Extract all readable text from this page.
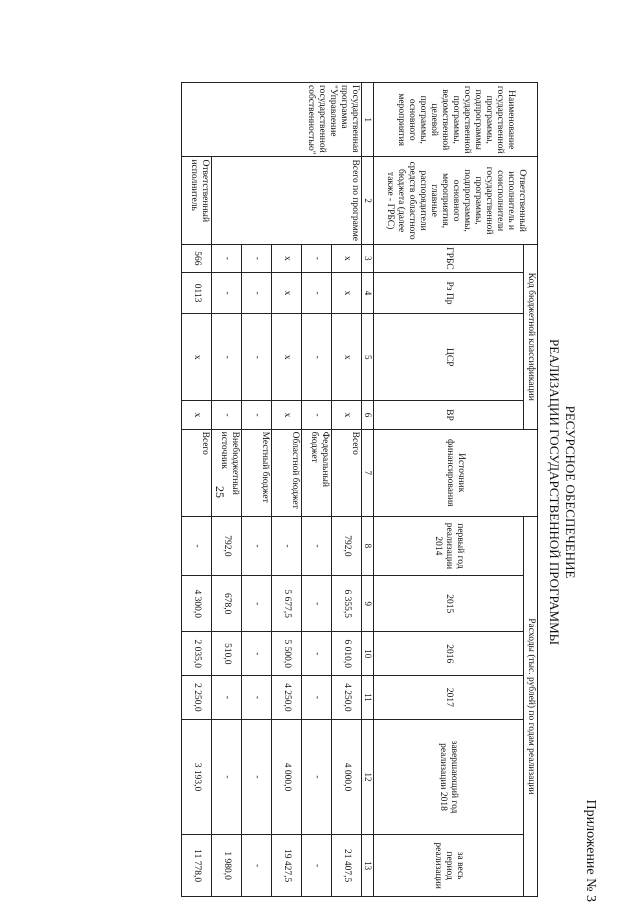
25
Приложение № 3
РЕСУРСНОЕ ОБЕСПЕЧЕНИЕ
РЕАЛИЗАЦИИ ГОСУДАРСТВЕННОЙ ПРОГРАММЫ
Наименование государственной программы, подпрограммы государственной программы, ведомственной целевой программы, основного мероприятия	Ответственный исполнитель и соисполнители государственной программы, подпрограммы, основного мероприятия, главные распорядители средств областного бюджета (далее также - ГРБС)	Код бюджетной классификации				Источник финансирования	Расходы (тыс. рублей) по годам реализации					
		ГРБС	Рз Пр	ЦСР	ВР		первый год реализации 2014	2015	2016	2017	завершающий год реализации 2018	за весь период реализации
1	2	3	4	5	6	7	8	9	10	11	12	13
Государственная программа "Управление государственной собственностью"	Всего по программе	х	х	х	х	Всего	792,0	6 355,5	6 010,0	4 250,0	4 000,0	21 407,5
		-	-	-	-	Федеральный бюджет	-	-	-	-	-	-
		х	х	х	х	Областной бюджет	-	5 677,5	5 500,0	4 250,0	4 000,0	19 427,5
		-	-	-	-	Местный бюджет	-	-	-	-	-	-
		-	-	-	-	Внебюджетный источник	792,0	678,0	510,0	-	-	1 980,0
	Ответственный исполнитель	566	0113	х	х	Всего	-	4 300,0	2 035,0	2 250,0	3 193,0	11 778,0
